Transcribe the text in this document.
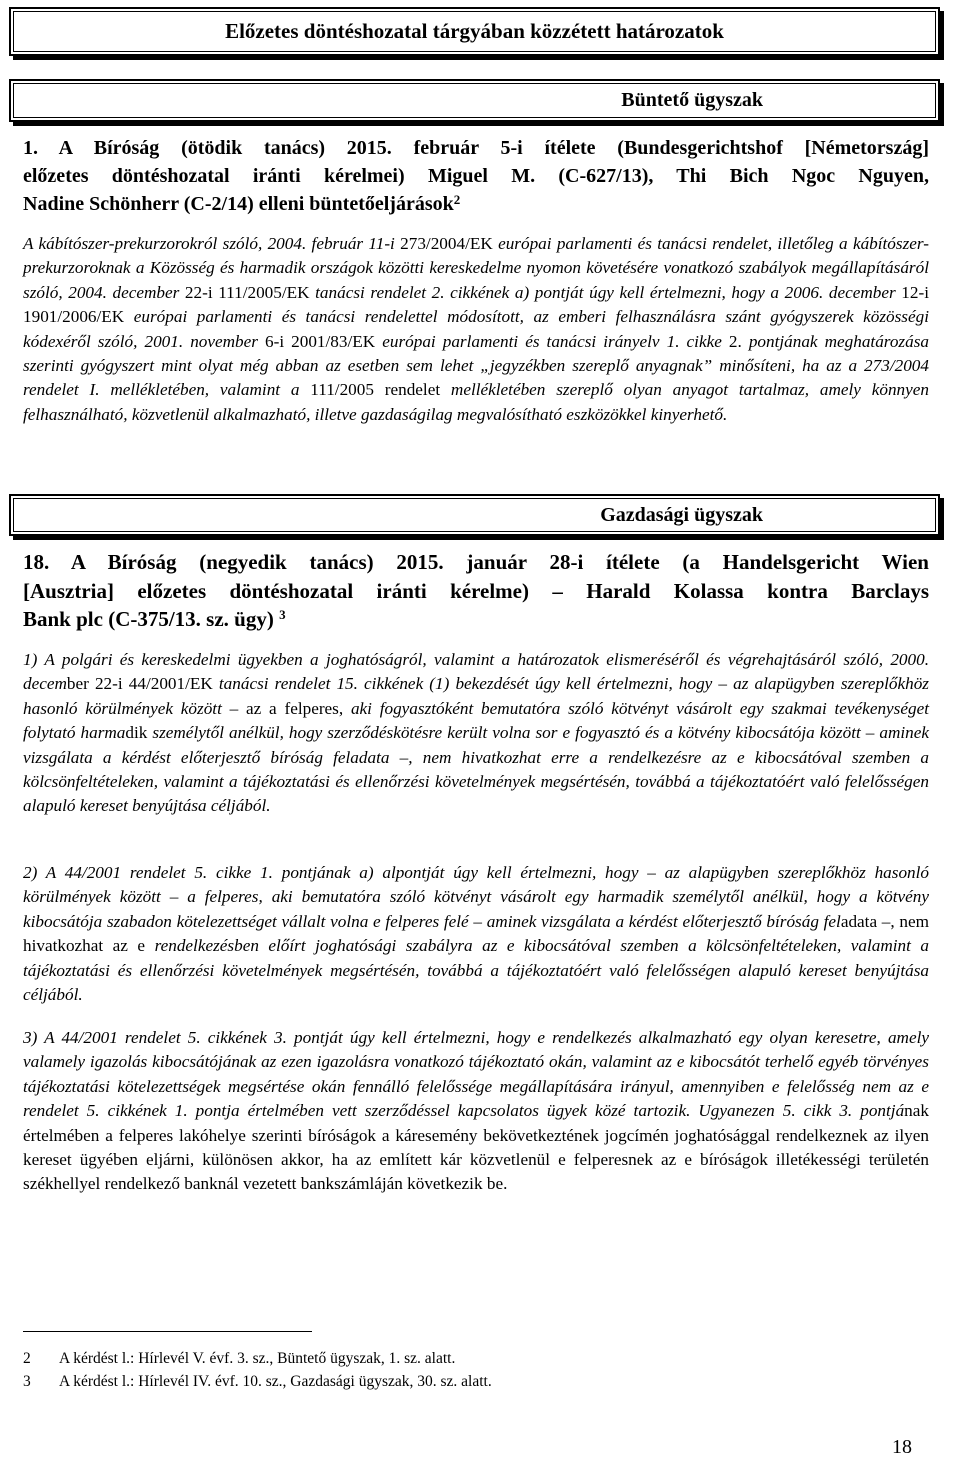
Előzetes döntéshozatal tárgyában közzétett határozatok
Büntető ügyszak
1. A Bíróság (ötödik tanács) 2015. február 5-i ítélete (Bundesgerichtshof [Németország]
előzetes döntéshozatal iránti kérelmei) Miguel M. (C-627/13), Thi Bich Ngoc Nguyen,
Nadine Schönherr (C-2/14) elleni büntetőeljárások$^2$

A kábítószer-prekurzorokról szóló, 2004. február 11-i 273/2004/EK európai parlamenti és tanácsi rendelet, illetőleg a kábítószer-prekurzoroknak a Közösség és harmadik országok közötti kereskedelme nyomon követésére vonatkozó szabályok megállapításáról szóló, 2004. december 22-i 111/2005/EK tanácsi rendelet 2. cikkének a) pontját úgy kell értelmezni, hogy a 2006. december 12-i 1901/2006/EK európai parlamenti és tanácsi rendelettel módosított, az emberi felhasználásra szánt gyógyszerek közösségi kódexéről szóló, 2001. november 6-i 2001/83/EK európai parlamenti és tanácsi irányelv 1. cikke 2. pontjának meghatározása szerinti gyógyszert mint olyat még abban az esetben sem lehet „jegyzékben szereplő anyagnak” minősíteni, ha az a 273/2004 rendelet I. mellékletében, valamint a 111/2005 rendelet mellékletében szereplő olyan anyagot tartalmaz, amely könnyen felhasználható, közvetlenül alkalmazható, illetve gazdaságilag megvalósítható eszközökkel kinyerhető.

Gazdasági ügyszak
18. A Bíróság (negyedik tanács) 2015. január 28-i ítélete (a Handelsgericht Wien
[Ausztria] előzetes döntéshozatal iránti kérelme) – Harald Kolassa kontra Barclays
Bank plc (C-375/13. sz. ügy) $^3$

1) A polgári és kereskedelmi ügyekben a joghatóságról, valamint a határozatok elismeréséről és végrehajtásáról szóló, 2000. december 22-i 44/2001/EK tanácsi rendelet 15. cikkének (1) bekezdését úgy kell értelmezni, hogy – az alapügyben szereplőkhöz hasonló körülmények között – az a felperes, aki fogyasztóként bemutatóra szóló kötvényt vásárolt egy szakmai tevékenységet folytató harmadik személytől anélkül, hogy szerződéskötésre került volna sor e fogyasztó és a kötvény kibocsátója között – aminek vizsgálata a kérdést előterjesztő bíróság feladata –, nem hivatkozhat erre a rendelkezésre az e kibocsátóval szemben a kölcsönfeltételeken, valamint a tájékoztatási és ellenőrzési követelmények megsértésén, továbbá a tájékoztatóért való felelősségen alapuló kereset benyújtása céljából.

2) A 44/2001 rendelet 5. cikke 1. pontjának a) alpontját úgy kell értelmezni, hogy – az alapügyben szereplőkhöz hasonló körülmények között – a felperes, aki bemutatóra szóló kötvényt vásárolt egy harmadik személytől anélkül, hogy a kötvény kibocsátója szabadon kötelezettséget vállalt volna e felperes felé – aminek vizsgálata a kérdést előterjesztő bíróság feladata –, nem hivatkozhat az e rendelkezésben előírt joghatósági szabályra az e kibocsátóval szemben a kölcsönfeltételeken, valamint a tájékoztatási és ellenőrzési követelmények megsértésén, továbbá a tájékoztatóért való felelősségen alapuló kereset benyújtása céljából.

3) A 44/2001 rendelet 5. cikkének 3. pontját úgy kell értelmezni, hogy e rendelkezés alkalmazható egy olyan keresetre, amely valamely igazolás kibocsátójának az ezen igazolásra vonatkozó tájékoztató okán, valamint az e kibocsátót terhelő egyéb törvényes tájékoztatási kötelezettségek megsértése okán fennálló felelőssége megállapítására irányul, amennyiben e felelősség nem az e rendelet 5. cikkének 1. pontja értelmében vett szerződéssel kapcsolatos ügyek közé tartozik. Ugyanezen 5. cikk 3. pontjának értelmében a felperes lakóhelye szerinti bíróságok a káresemény bekövetkeztének jogcímén joghatósággal rendelkeznek az ilyen kereset ügyében eljárni, különösen akkor, ha az említett kár közvetlenül e felperesnek az e bíróságok illetékességi területén székhellyel rendelkező banknál vezetett bankszámláján következik be.

2	A kérdést l.: Hírlevél V. évf. 3. sz., Büntető ügyszak, 1. sz. alatt.
3	A kérdést l.: Hírlevél IV. évf. 10. sz., Gazdasági ügyszak, 30. sz. alatt.
18
